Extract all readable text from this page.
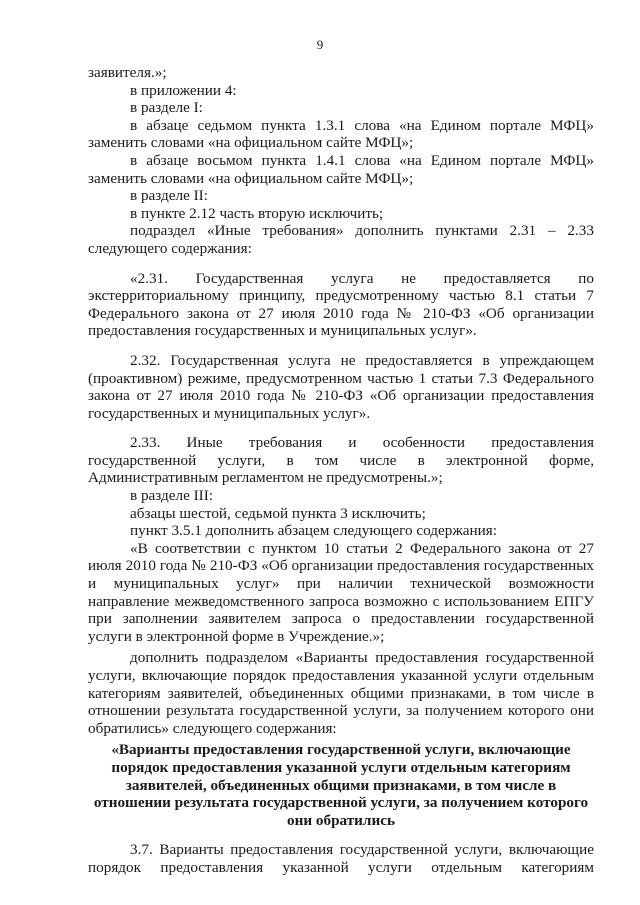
9

заявителя.»;

в приложении 4:

в разделе I:

в абзаце седьмом пункта 1.3.1 слова «на Едином портале МФЦ» заменить словами «на официальном сайте МФЦ»;

в абзаце восьмом пункта 1.4.1 слова «на Едином портале МФЦ» заменить словами «на официальном сайте МФЦ»;

в разделе II:

в пункте 2.12 часть вторую исключить;

подраздел «Иные требования» дополнить пунктами 2.31 – 2.33 следующего содержания:

«2.31. Государственная услуга не предоставляется по экстерриториальному принципу, предусмотренному частью 8.1 статьи 7 Федерального закона от 27 июля 2010 года № 210-ФЗ «Об организации предоставления государственных и муниципальных услуг».

2.32. Государственная услуга не предоставляется в упреждающем (проактивном) режиме, предусмотренном частью 1 статьи 7.3 Федерального закона от 27 июля 2010 года № 210-ФЗ «Об организации предоставления государственных и муниципальных услуг».

2.33. Иные требования и особенности предоставления государственной услуги, в том числе в электронной форме, Административным регламентом не предусмотрены.»;

в разделе III:

абзацы шестой, седьмой пункта 3 исключить;

пункт 3.5.1 дополнить абзацем следующего содержания:

«В соответствии с пунктом 10 статьи 2 Федерального закона от 27 июля 2010 года № 210-ФЗ «Об организации предоставления государственных и муниципальных услуг» при наличии технической возможности направление межведомственного запроса возможно с использованием ЕПГУ при заполнении заявителем запроса о предоставлении государственной услуги в электронной форме в Учреждение.»;

дополнить подразделом «Варианты предоставления государственной услуги, включающие порядок предоставления указанной услуги отдельным категориям заявителей, объединенных общими признаками, в том числе в отношении результата государственной услуги, за получением которого они обратились» следующего содержания:

«Варианты предоставления государственной услуги, включающие порядок предоставления указанной услуги отдельным категориям заявителей, объединенных общими признаками, в том числе в отношении результата государственной услуги, за получением которого они обратились

3.7. Варианты предоставления государственной услуги, включающие

порядок предоставления указанной услуги отдельным категориям
